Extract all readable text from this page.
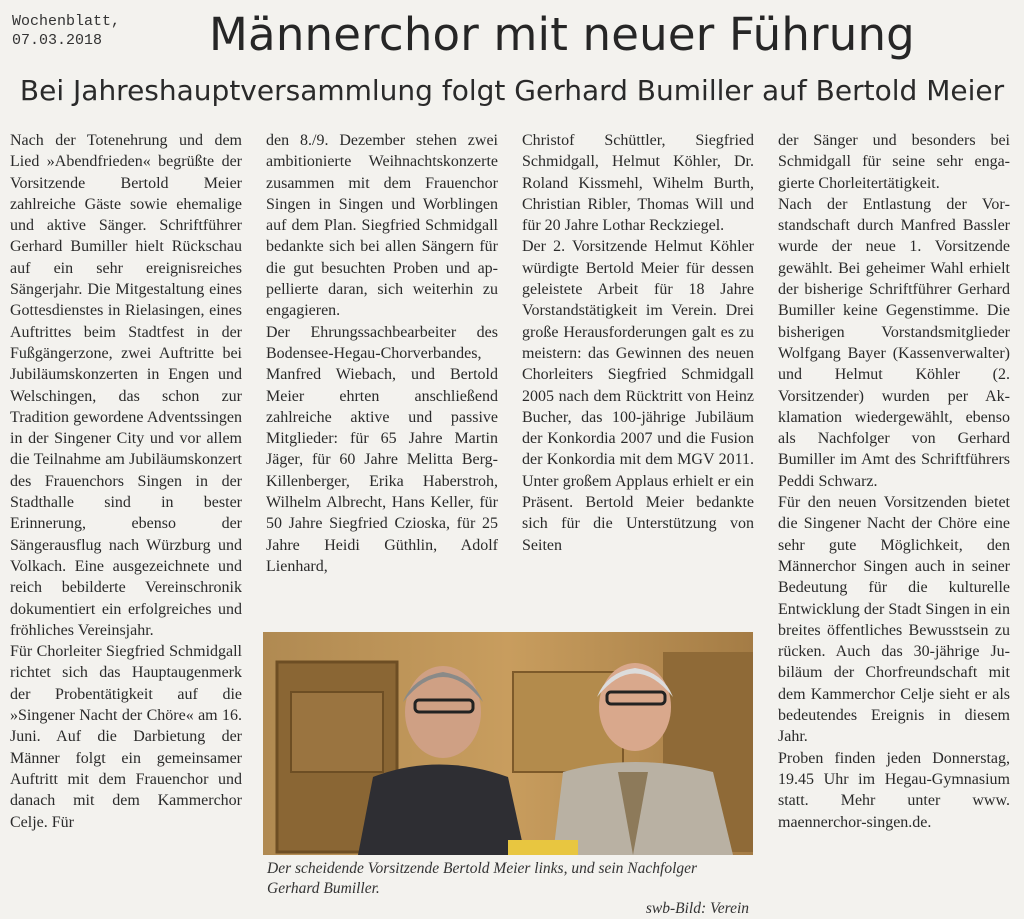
Wochenblatt,
07.03.2018	Männerchor mit neuer Führung
Bei Jahreshauptversammlung folgt Gerhard Bumiller auf Bertold Meier

Nach der Totenehrung und dem Lied »Abendfrieden« begrüßte der Vorsitzende Bertold Meier zahlreiche Gäste sowie ehemalige und aktive Sänger. Schriftführer Gerhard Bumiller hielt Rückschau auf ein sehr ereignisreiches Sängerjahr. Die Mitgestaltung eines Gottesdienstes in Rielasingen, eines Auftrittes beim Stadtfest in der Fußgängerzone, zwei Auftritte bei Jubiläumskonzerten in Engen und Welschingen, das schon zur Tradition gewordene Adventssingen in der Singener City und vor allem die Teilnahme am Jubiläumskonzert des Frauenchors Singen in der Stadthalle sind in bester Erinnerung, ebenso der Sängerausflug nach Würzburg und Volkach. Eine ausgezeichnete und reich bebilderte Vereinschronik dokumentiert ein erfolgreiches und fröhliches Vereinsjahr.

Für Chorleiter Siegfried Schmidgall richtet sich das Hauptaugenmerk der Probentätigkeit auf die »Singener Nacht der Chöre« am 16. Juni. Auf die Darbietung der Männer folgt ein gemeinsamer Auftritt mit dem Frauenchor und danach mit dem Kammerchor Celje. Für

den 8./9. Dezember stehen zwei ambitionierte Weihnachtskonzerte zusammen mit dem Frauenchor Singen in Singen und Worblingen auf dem Plan. Siegfried Schmidgall bedankte sich bei allen Sängern für die gut besuchten Proben und appellierte daran, sich weiterhin zu engagieren.

Der Ehrungssachbearbeiter des Bodensee-Hegau-Chorverbandes, Manfred Wiebach, und Bertold Meier ehrten anschließend zahlreiche aktive und passive Mitglieder: für 65 Jahre Martin Jäger, für 60 Jahre Melitta Berg-Killenberger, Erika Haberstroh, Wilhelm Albrecht, Hans Keller, für 50 Jahre Siegfried Czioska, für 25 Jahre Heidi Güthlin, Adolf Lienhard,

Christof Schüttler, Siegfried Schmidgall, Helmut Köhler, Dr. Roland Kissmehl, Wihelm Burth, Christian Ribler, Thomas Will und für 20 Jahre Lothar Reckziegel.

Der 2. Vorsitzende Helmut Köhler würdigte Bertold Meier für dessen geleistete Arbeit für 18 Jahre Vorstandstätigkeit im Verein. Drei große Herausforderungen galt es zu meistern: das Gewinnen des neuen Chorleiters Siegfried Schmidgall 2005 nach dem Rücktritt von Heinz Bucher, das 100-jährige Jubiläum der Konkordia 2007 und die Fusion der Konkordia mit dem MGV 2011. Unter großem Applaus erhielt er ein Präsent. Bertold Meier bedankte sich für die Unterstützung von Seiten

der Sänger und besonders bei Schmidgall für seine sehr engagierte Chorleitertätigkeit.

Nach der Entlastung der Vorstandschaft durch Manfred Bassler wurde der neue 1. Vorsitzende gewählt. Bei geheimer Wahl erhielt der bisherige Schriftführer Gerhard Bumiller keine Gegenstimme. Die bisherigen Vorstandsmitglieder Wolfgang Bayer (Kassenverwalter) und Helmut Köhler (2. Vorsitzender) wurden per Akklamation wiedergewählt, ebenso als Nachfolger von Gerhard Bumiller im Amt des Schriftführers Peddi Schwarz.

Für den neuen Vorsitzenden bietet die Singener Nacht der Chöre eine sehr gute Möglichkeit, den Männerchor Singen auch in seiner Bedeutung für die kulturelle Entwicklung der Stadt Singen in ein breites öffentliches Bewusstsein zu rücken. Auch das 30-jährige Jubiläum der Chorfreundschaft mit dem Kammerchor Celje sieht er als bedeutendes Ereignis in diesem Jahr.

Proben finden jeden Donnerstag, 19.45 Uhr im Hegau-Gymnasium statt. Mehr unter www. maennerchor-singen.de.

Der scheidende Vorsitzende Bertold Meier links, und sein Nachfolger Gerhard Bumiller.
swb-Bild: Verein
